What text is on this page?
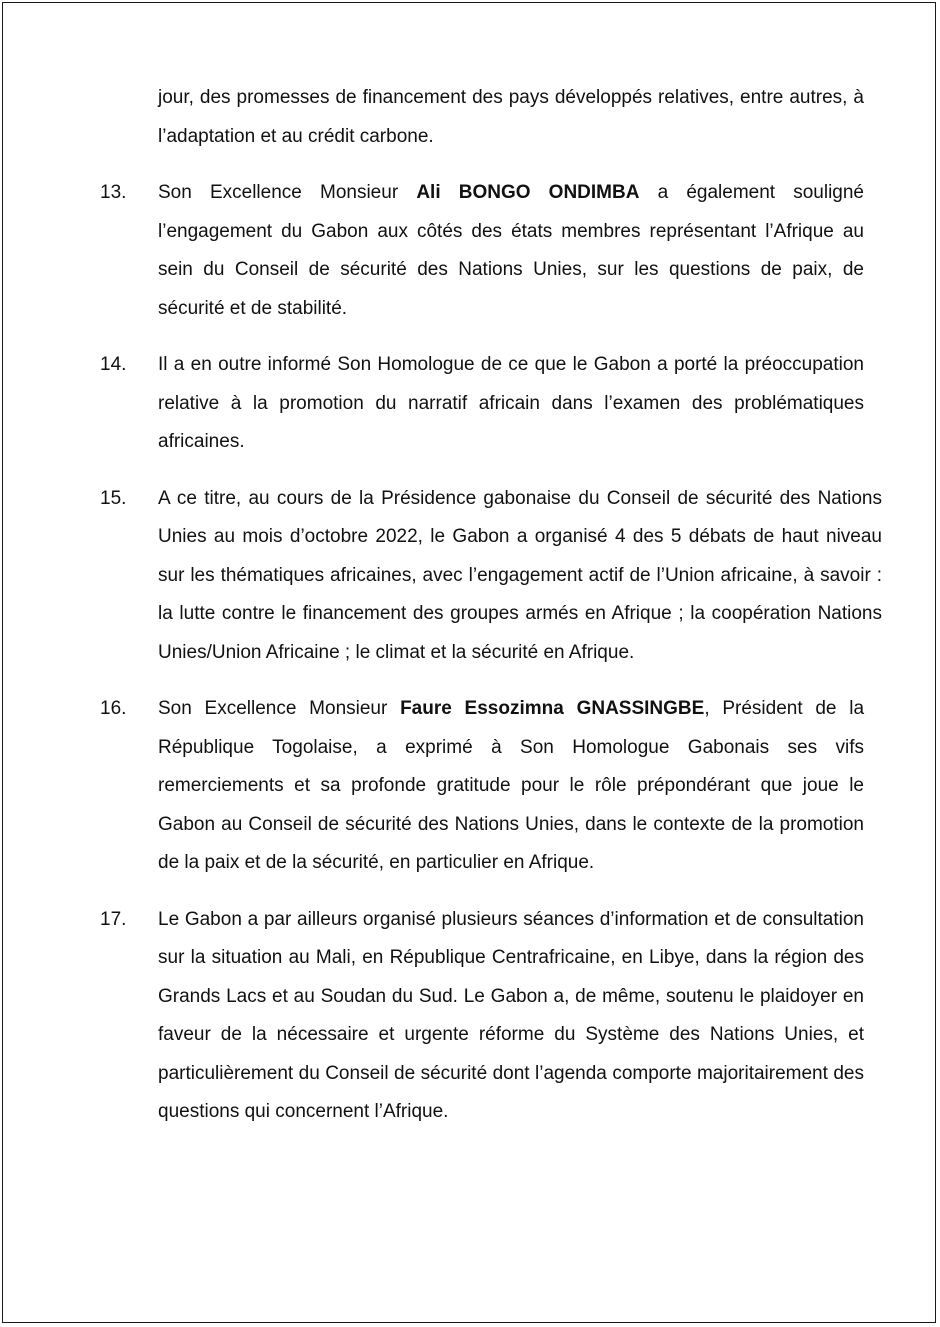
jour, des promesses de financement des pays développés relatives, entre autres, à l’adaptation et au crédit carbone.

13.	Son Excellence Monsieur Ali BONGO ONDIMBA a également souligné l’engagement du Gabon aux côtés des états membres représentant l’Afrique au sein du Conseil de sécurité des Nations Unies, sur les questions de paix, de sécurité et de stabilité.

14.	Il a en outre informé Son Homologue de ce que le Gabon a porté la préoccupation relative à la promotion du narratif africain dans l’examen des problématiques africaines.

15.	A ce titre, au cours de la Présidence gabonaise du Conseil de sécurité des Nations Unies au mois d’octobre 2022, le Gabon a organisé 4 des 5 débats de haut niveau sur les thématiques africaines, avec l’engagement actif de l’Union africaine, à savoir : la lutte contre le financement des groupes armés en Afrique ; la coopération Nations Unies/Union Africaine ; le climat et la sécurité en Afrique.

16.	Son Excellence Monsieur Faure Essozimna GNASSINGBE, Président de la République Togolaise, a exprimé à Son Homologue Gabonais ses vifs remerciements et sa profonde gratitude pour le rôle prépondérant que joue le Gabon au Conseil de sécurité des Nations Unies, dans le contexte de la promotion de la paix et de la sécurité, en particulier en Afrique.

17.	Le Gabon a par ailleurs organisé plusieurs séances d’information et de consultation sur la situation au Mali, en République Centrafricaine, en Libye, dans la région des Grands Lacs et au Soudan du Sud. Le Gabon a, de même, soutenu le plaidoyer en faveur de la nécessaire et urgente réforme du Système des Nations Unies, et particulièrement du Conseil de sécurité dont l’agenda comporte majoritairement des questions qui concernent l’Afrique.
